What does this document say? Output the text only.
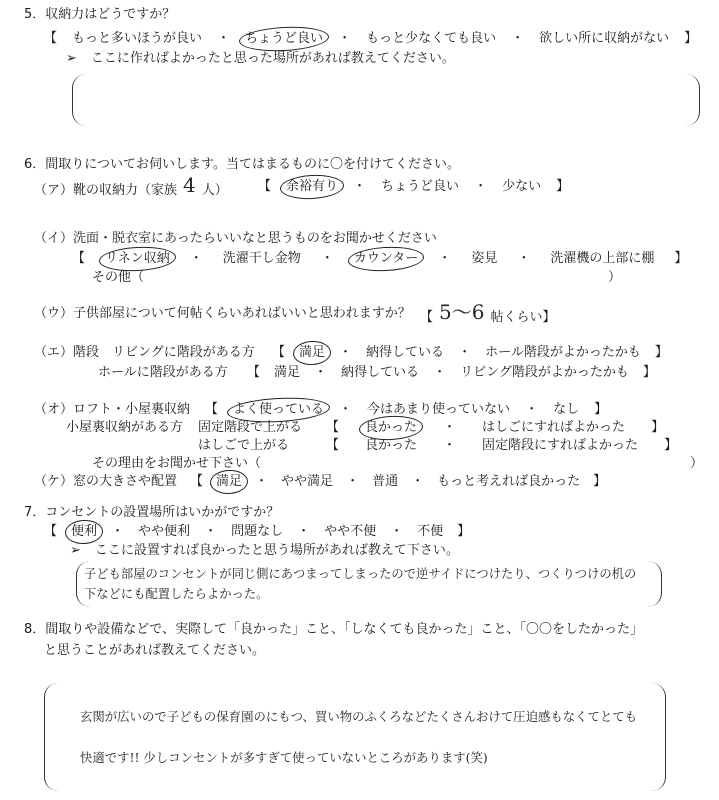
5．収納力はどうですか？
【 もっと多いほうが良い ・ ちょうど良い ・ もっと少なくても良い ・ 欲しい所に収納がない 】
➢ ここに作ればよかったと思った場所があれば教えてください。
6．間取りについてお伺いします。当てはまるものに〇を付けてください。
（ア）靴の収納力（家族 4 人） 【 余裕有り ・ ちょうど良い ・ 少ない 】
（イ）洗面・脱衣室にあったらいいなと思うものをお聞かせください
【 リネン収納 ・ 洗濯干し金物 ・ カウンター ・ 姿見 ・ 洗濯機の上部に棚 】
その他（	）
（ウ）子供部屋について何帖くらいあればいいと思われますか？ 【 5～6 帖くらい】
（エ）階段　リビングに階段がある方 【 満足 ・ 納得している ・ ホール階段がよかったかも 】
ホールに階段がある方 【 満足 ・ 納得している ・ リビング階段がよかったかも 】
（オ）ロフト・小屋裏収納 【 よく使っている ・ 今はあまり使っていない ・ なし 】
小屋裏収納がある方 固定階段で上がる 【 良かった ・ はしごにすればよかった 】
はしごで上がる	【 良かった ・ 固定階段にすればよかった 】
その理由をお聞かせ下さい（	）
（ケ）窓の大きさや配置 【 満足 ・ やや満足 ・ 普通 ・ もっと考えれば良かった 】
7．コンセントの設置場所はいかがですか？
【 便利 ・ やや便利 ・ 問題なし ・ やや不便 ・ 不便 】
➢ ここに設置すれば良かったと思う場所があれば教えて下さい。
子ども部屋のコンセントが同じ側にあつまってしまったので逆サイドにつけたり、つくりつけの机の
下などにも配置したらよかった。
8．間取りや設備などで、実際して「良かった」こと、「しなくても良かった」こと、「〇〇をしたかった」
と思うことがあれば教えてください。
玄関が広いので子どもの保育園のにもつ、買い物のふくろなどたくさんおけて圧迫感もなくてとても
快適です!! 少しコンセントが多すぎて使っていないところがあります(笑)
